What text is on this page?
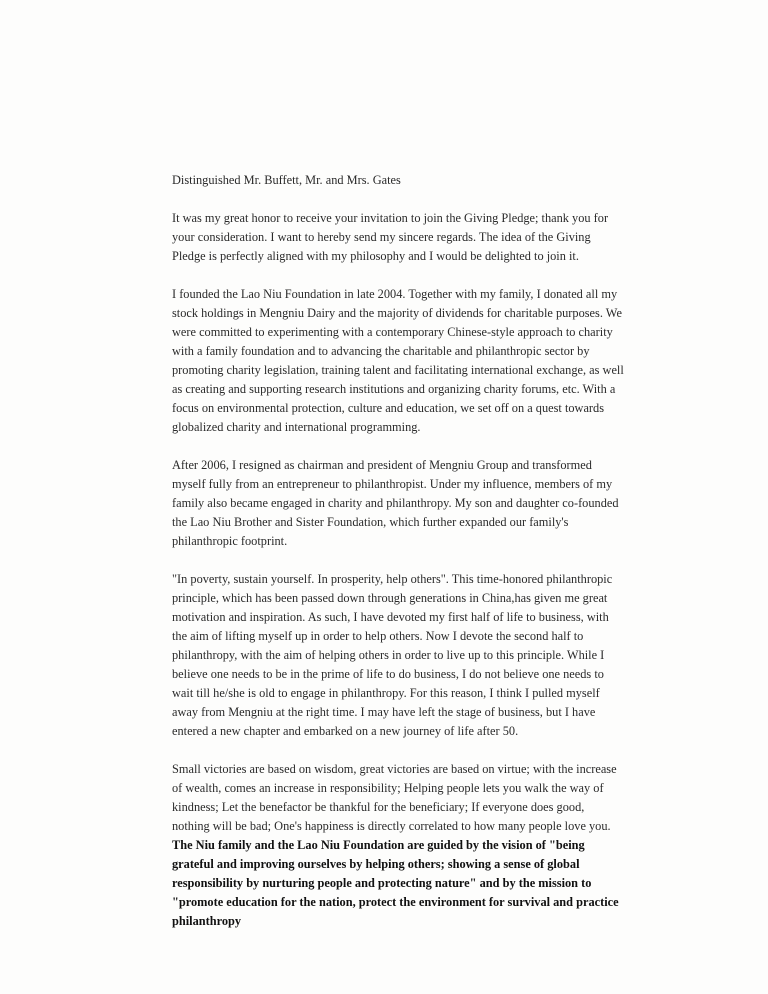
Distinguished Mr. Buffett, Mr. and Mrs. Gates

It was my great honor to receive your invitation to join the Giving Pledge; thank you for your consideration. I want to hereby send my sincere regards. The idea of the Giving Pledge is perfectly aligned with my philosophy and I would be delighted to join it.

I founded the Lao Niu Foundation in late 2004. Together with my family, I donated all my stock holdings in Mengniu Dairy and the majority of dividends for charitable purposes. We were committed to experimenting with a contemporary Chinese-style approach to charity with a family foundation and to advancing the charitable and philanthropic sector by promoting charity legislation, training talent and facilitating international exchange, as well as creating and supporting research institutions and organizing charity forums, etc. With a focus on environmental protection, culture and education, we set off on a quest towards globalized charity and international programming.

After 2006, I resigned as chairman and president of Mengniu Group and transformed myself fully from an entrepreneur to philanthropist. Under my influence, members of my family also became engaged in charity and philanthropy. My son and daughter co-founded the Lao Niu Brother and Sister Foundation, which further expanded our family's philanthropic footprint.

"In poverty, sustain yourself. In prosperity, help others". This time-honored philanthropic principle, which has been passed down through generations in China,has given me great motivation and inspiration. As such, I have devoted my first half of life to business, with the aim of lifting myself up in order to help others. Now I devote the second half to philanthropy, with the aim of helping others in order to live up to this principle. While I believe one needs to be in the prime of life to do business, I do not believe one needs to wait till he/she is old to engage in philanthropy. For this reason, I think I pulled myself away from Mengniu at the right time. I may have left the stage of business, but I have entered a new chapter and embarked on a new journey of life after 50.

Small victories are based on wisdom, great victories are based on virtue; with the increase of wealth, comes an increase in responsibility; Helping people lets you walk the way of kindness; Let the benefactor be thankful for the beneficiary; If everyone does good, nothing will be bad; One's happiness is directly correlated to how many people love you. The Niu family and the Lao Niu Foundation are guided by the vision of "being grateful and improving ourselves by helping others; showing a sense of global responsibility by nurturing people and protecting nature" and by the mission to "promote education for the nation, protect the environment for survival and practice philanthropy
